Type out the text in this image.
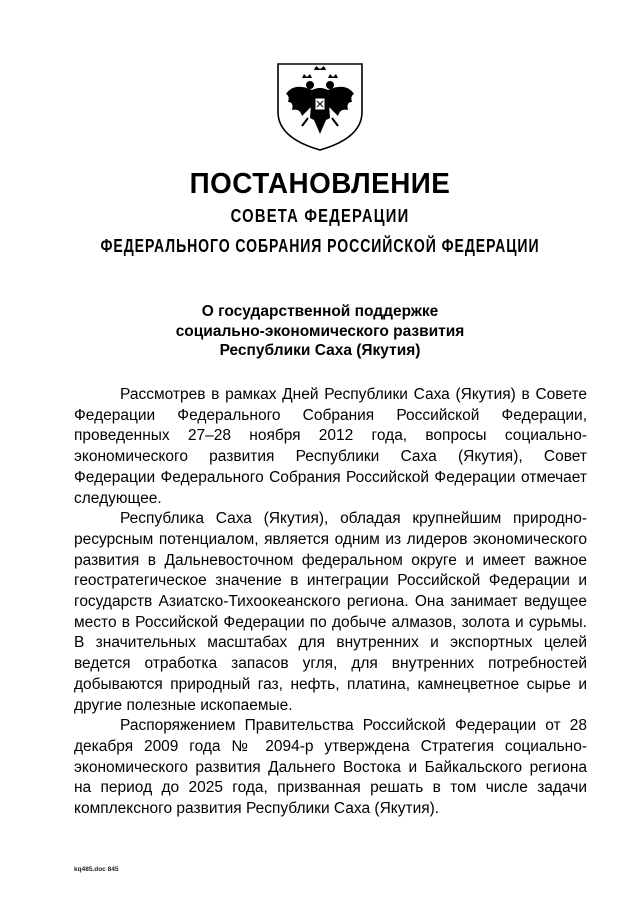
ПОСТАНОВЛЕНИЕ
СОВЕТА ФЕДЕРАЦИИ
ФЕДЕРАЛЬНОГО СОБРАНИЯ РОССИЙСКОЙ ФЕДЕРАЦИИ
О государственной поддержке
социально-экономического развития
Республики Саха (Якутия)

Рассмотрев в рамках Дней Республики Саха (Якутия) в Совете Федерации Федерального Собрания Российской Федерации, проведенных 27–28 ноября 2012 года, вопросы социально-экономического развития Республики Саха (Якутия), Совет Федерации Федерального Собрания Российской Федерации отмечает следующее.

Республика Саха (Якутия), обладая крупнейшим природно-ресурсным потенциалом, является одним из лидеров экономического развития в Дальневосточном федеральном округе и имеет важное геостратегическое значение в интеграции Российской Федерации и государств Азиатско-Тихоокеанского региона. Она занимает ведущее место в Российской Федерации по добыче алмазов, золота и сурьмы. В значительных масштабах для внутренних и экспортных целей ведется отработка запасов угля, для внутренних потребностей добываются природный газ, нефть, платина, камнецветное сырье и другие полезные ископаемые.

Распоряжением Правительства Российской Федерации от 28 декабря 2009 года № 2094-р утверждена Стратегия социально-экономического развития Дальнего Востока и Байкальского региона на период до 2025 года, призванная решать в том числе задачи комплексного развития Республики Саха (Якутия).

kq485.doc 845
